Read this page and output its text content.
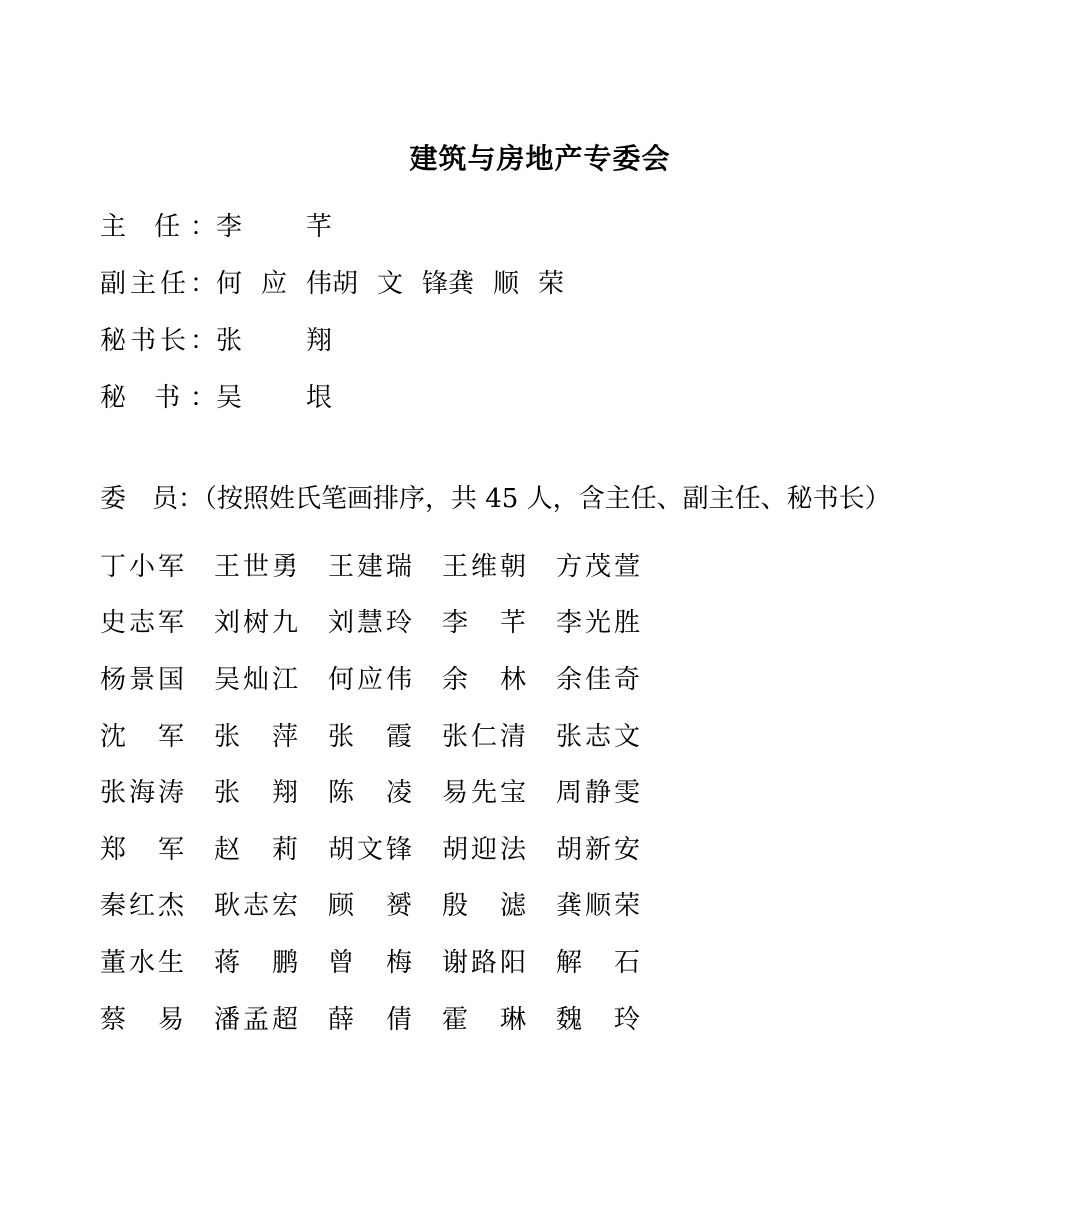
建筑与房地产专委会
主
任 ： 李
芊
副 主 任 ： 何 应 伟 胡 文 锋 龚 顺 荣
秘 书 长 ： 张
翔
秘
书 ： 吴
垠
委　员：（按照姓氏笔画排序，共 45 人，含主任、副主任、秘书长）
丁 小 军 王 世 勇 王 建 瑞 王 维 朝 方 茂 萱
史 志 军 刘 树 九 刘 慧 玲 李
芊 李 光 胜
杨 景 国 吴 灿 江 何 应 伟 余
林 余 佳 奇
沈
军 张
萍 张
霞 张 仁 清 张 志 文
张 海 涛 张
翔 陈
凌 易 先 宝 周 静 雯
郑
军 赵
莉 胡 文 锋 胡 迎 法 胡 新 安
秦 红 杰 耿 志 宏 顾
赟 殷
滤 龚 顺 荣
董 水 生 蒋
鹏 曾
梅 谢 路 阳 解
石
蔡
易 潘 孟 超 薛
倩 霍
琳 魏
玲
